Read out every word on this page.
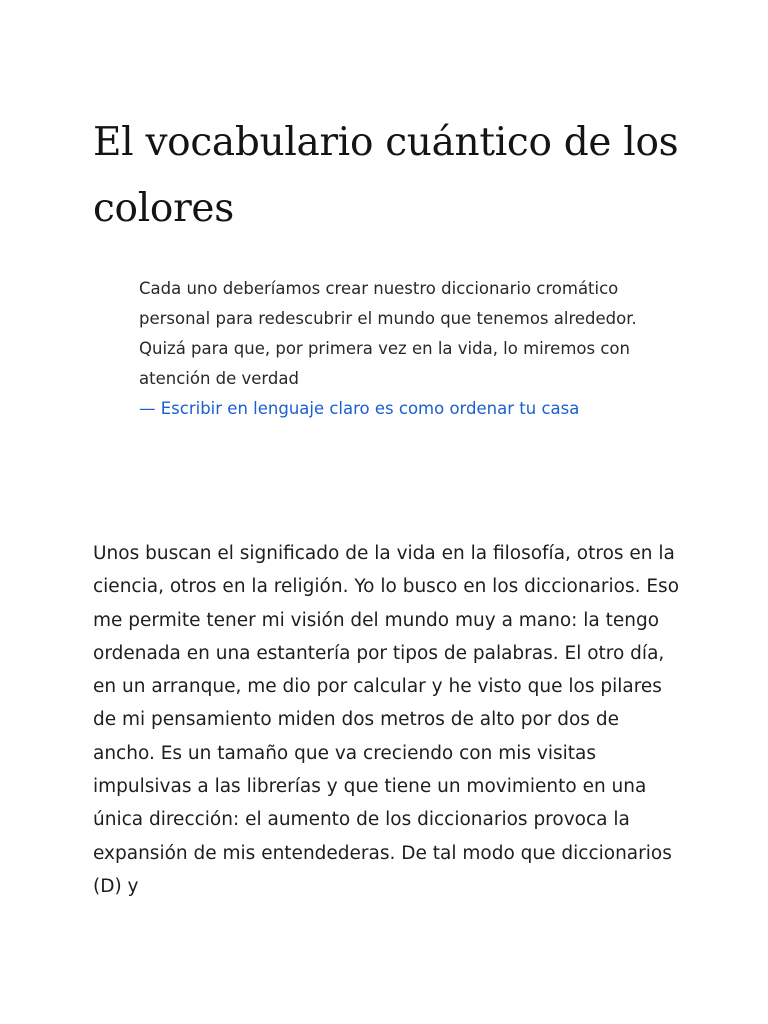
El vocabulario cuántico de los colores

Cada uno deberíamos crear nuestro diccionario cromático personal para redescubrir el mundo que tenemos alrededor. Quizá para que, por primera vez en la vida, lo miremos con atención de verdad

— Escribir en lenguaje claro es como ordenar tu casa

Unos buscan el significado de la vida en la filosofía, otros en la ciencia, otros en la religión. Yo lo busco en los diccionarios. Eso me permite tener mi visión del mundo muy a mano: la tengo ordenada en una estantería por tipos de palabras. El otro día, en un arranque, me dio por calcular y he visto que los pilares de mi pensamiento miden dos metros de alto por dos de ancho. Es un tamaño que va creciendo con mis visitas impulsivas a las librerías y que tiene un movimiento en una única dirección: el aumento de los diccionarios provoca la expansión de mis entendederas. De tal modo que diccionarios (D) y
